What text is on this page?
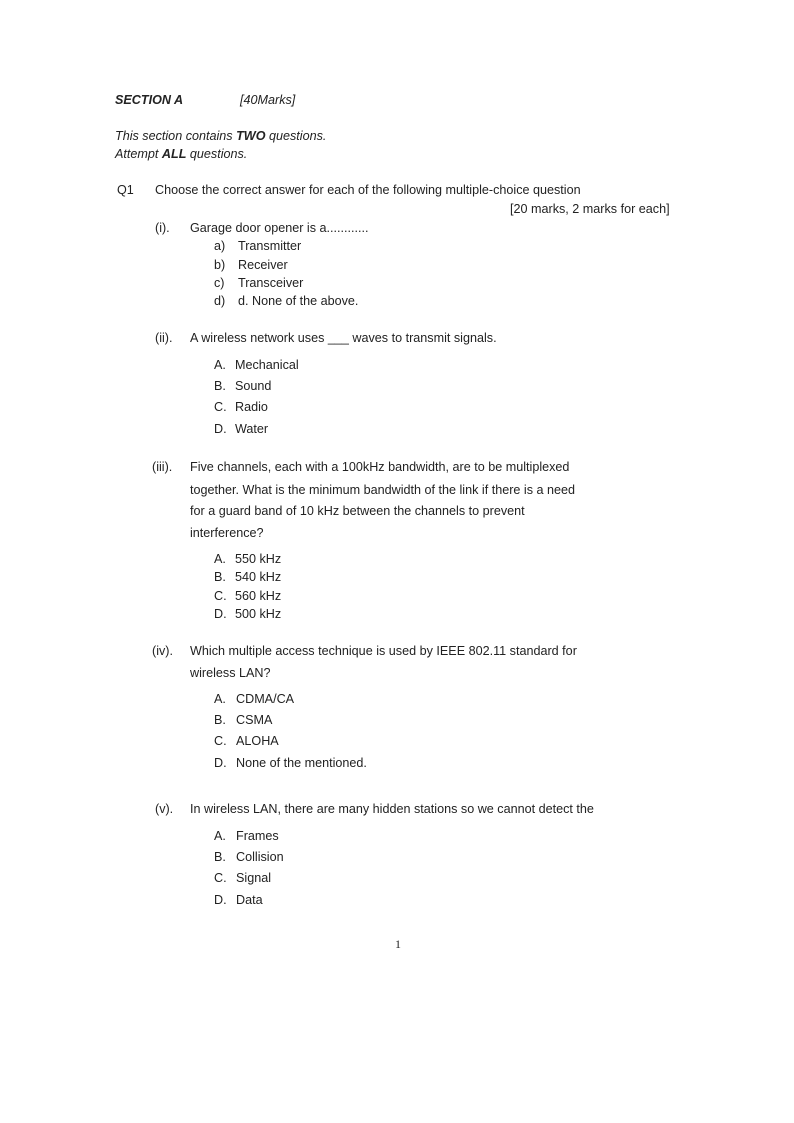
SECTION A	[40Marks]
This section contains TWO questions.
Attempt ALL questions.
Q1 Choose the correct answer for each of the following multiple-choice question
[20 marks, 2 marks for each]
(i). Garage door opener is a............
a) Transmitter
b) Receiver
c) Transceiver
d) d. None of the above.
(ii). A wireless network uses ___ waves to transmit signals.
A. Mechanical
B. Sound
C. Radio
D. Water
(iii). Five channels, each with a 100kHz bandwidth, are to be multiplexed
together. What is the minimum bandwidth of the link if there is a need
for a guard band of 10 kHz between the channels to prevent
interference?
A. 550 kHz
B. 540 kHz
C. 560 kHz
D. 500 kHz
(iv). Which multiple access technique is used by IEEE 802.11 standard for
wireless LAN?
A. CDMA/CA
B. CSMA
C. ALOHA
D. None of the mentioned.
(v). In wireless LAN, there are many hidden stations so we cannot detect the
A. Frames
B. Collision
C. Signal
D. Data
1
